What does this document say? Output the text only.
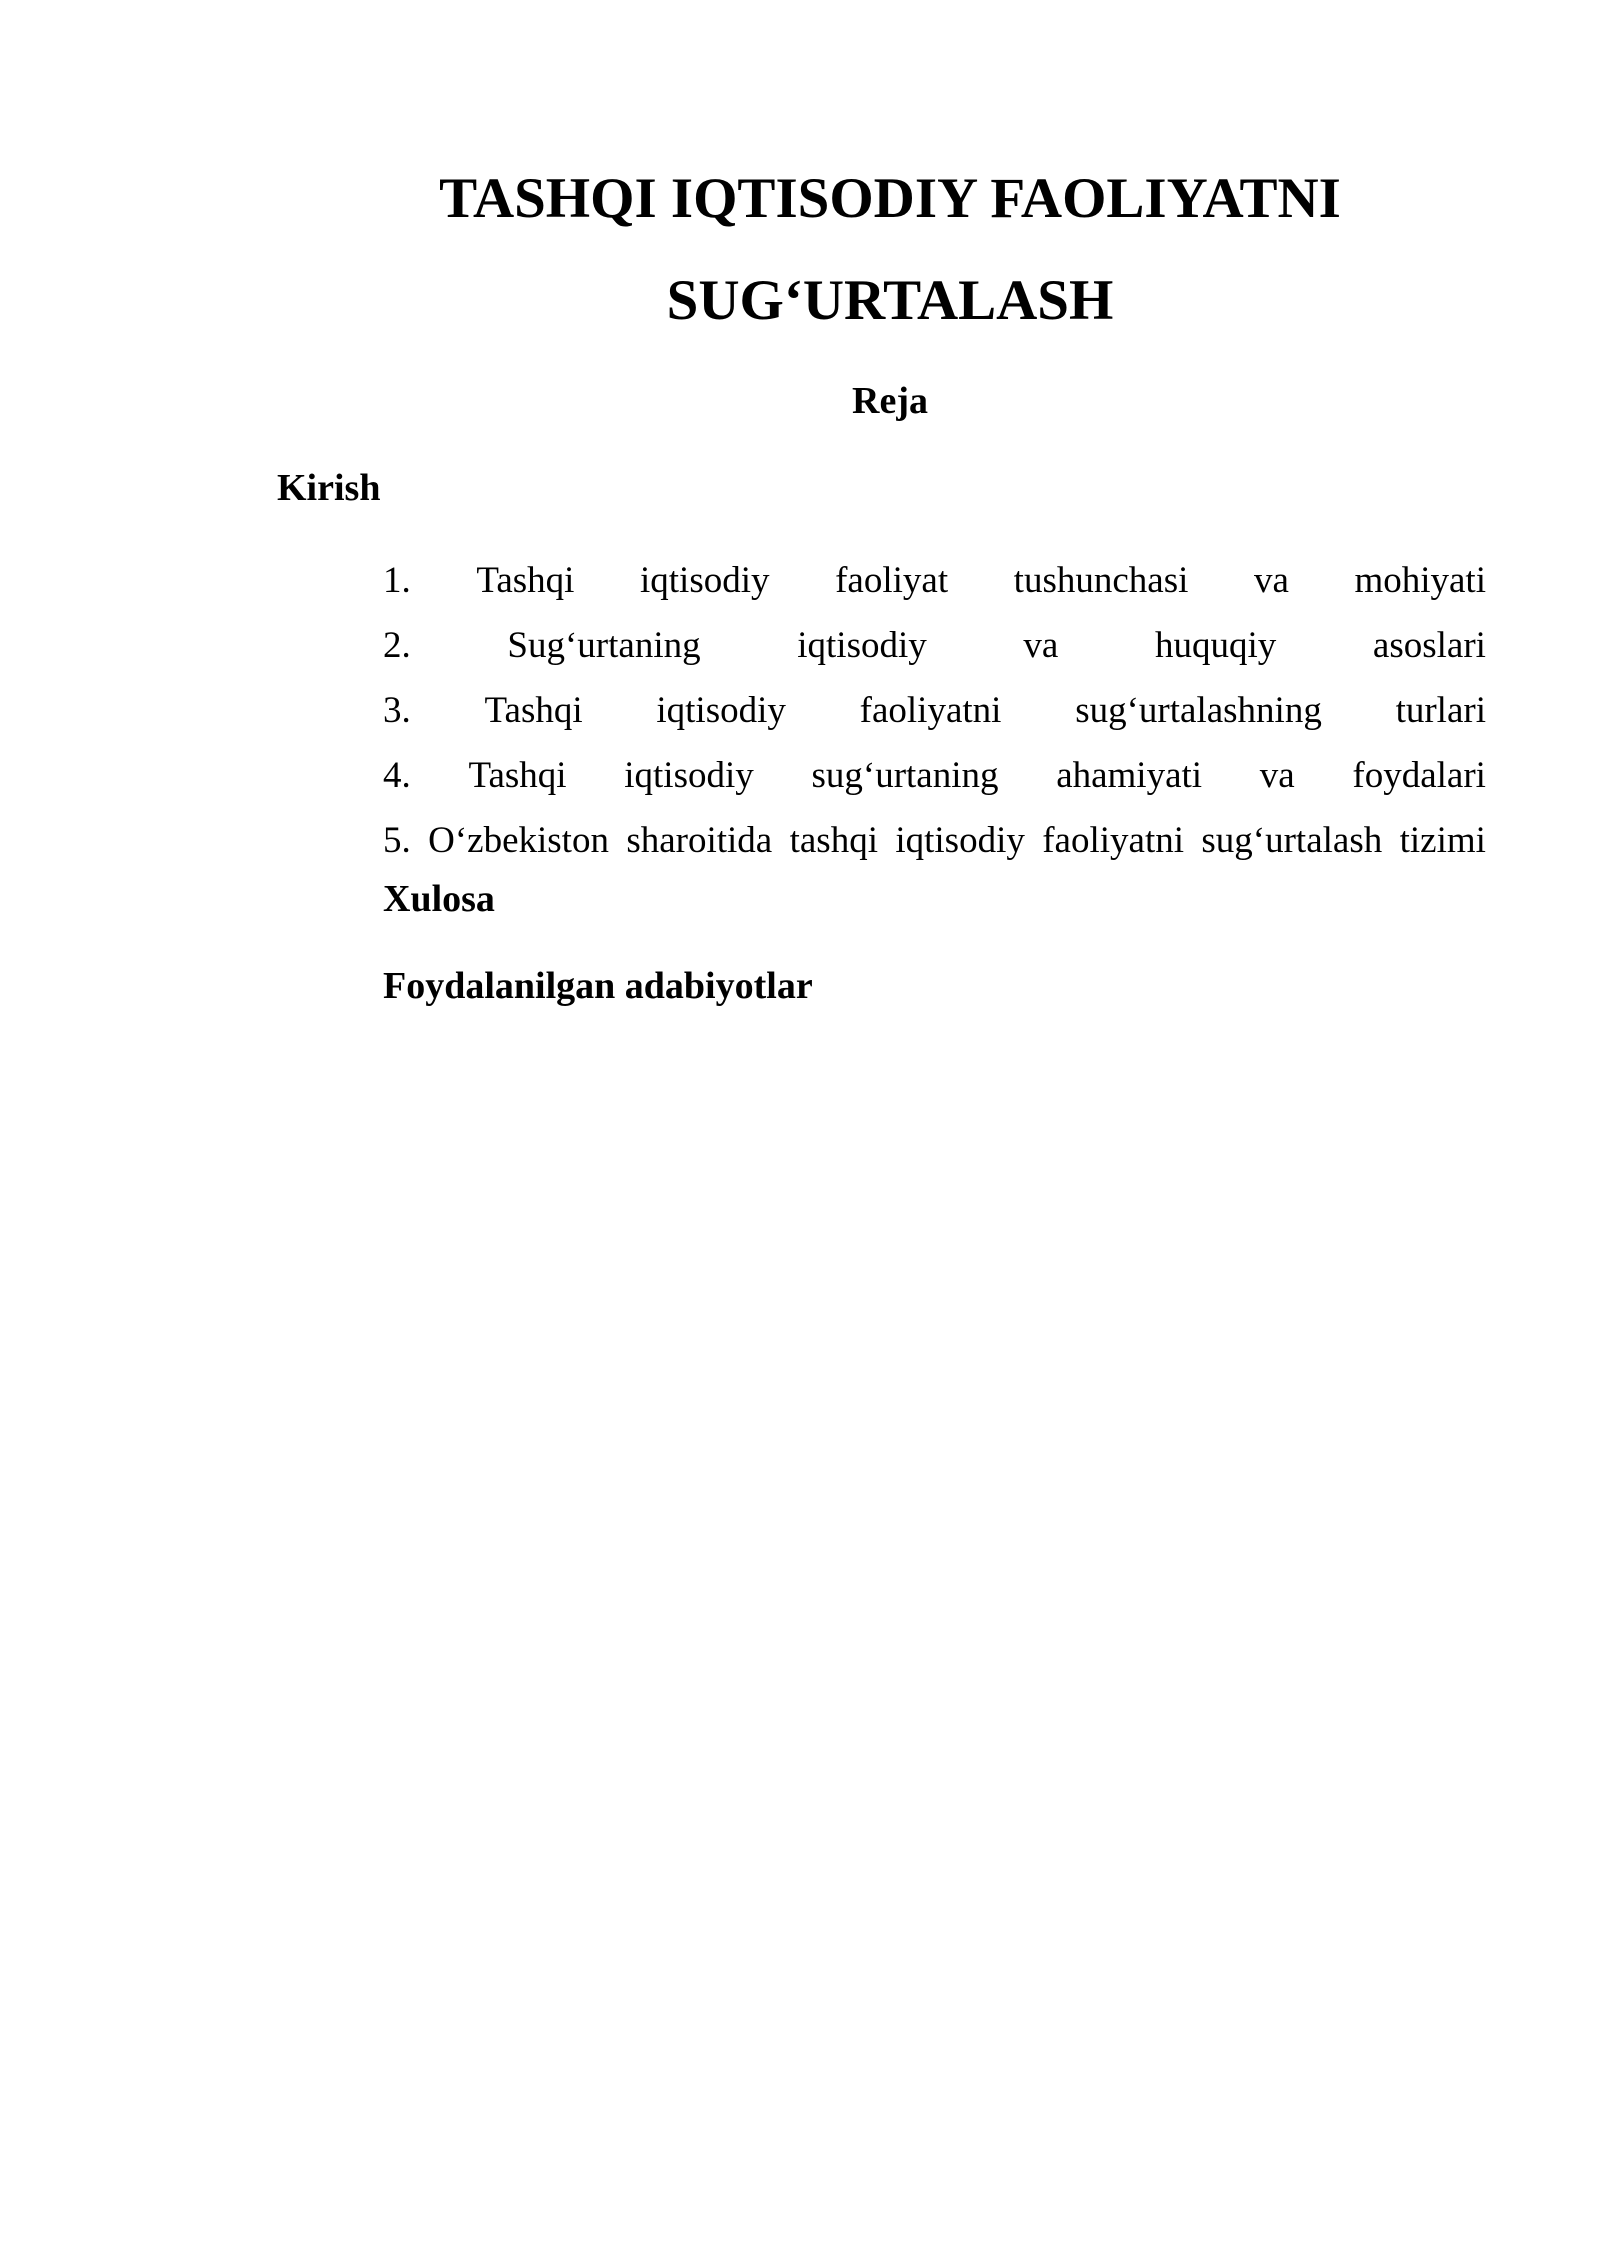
TASHQI IQTISODIY FAOLIYATNI
SUG‘URTALASH
Reja
Kirish
1. Tashqi iqtisodiy faoliyat tushunchasi va mohiyati
2.	Sug‘urtaning	iqtisodiy	va	huquqiy	asoslari
3. Tashqi iqtisodiy faoliyatni sug‘urtalashning turlari
4. Tashqi iqtisodiy sug‘urtaning ahamiyati va foydalari
5. O‘zbekiston sharoitida tashqi iqtisodiy faoliyatni sug‘urtalash tizimi
Xulosa
Foydalanilgan adabiyotlar
